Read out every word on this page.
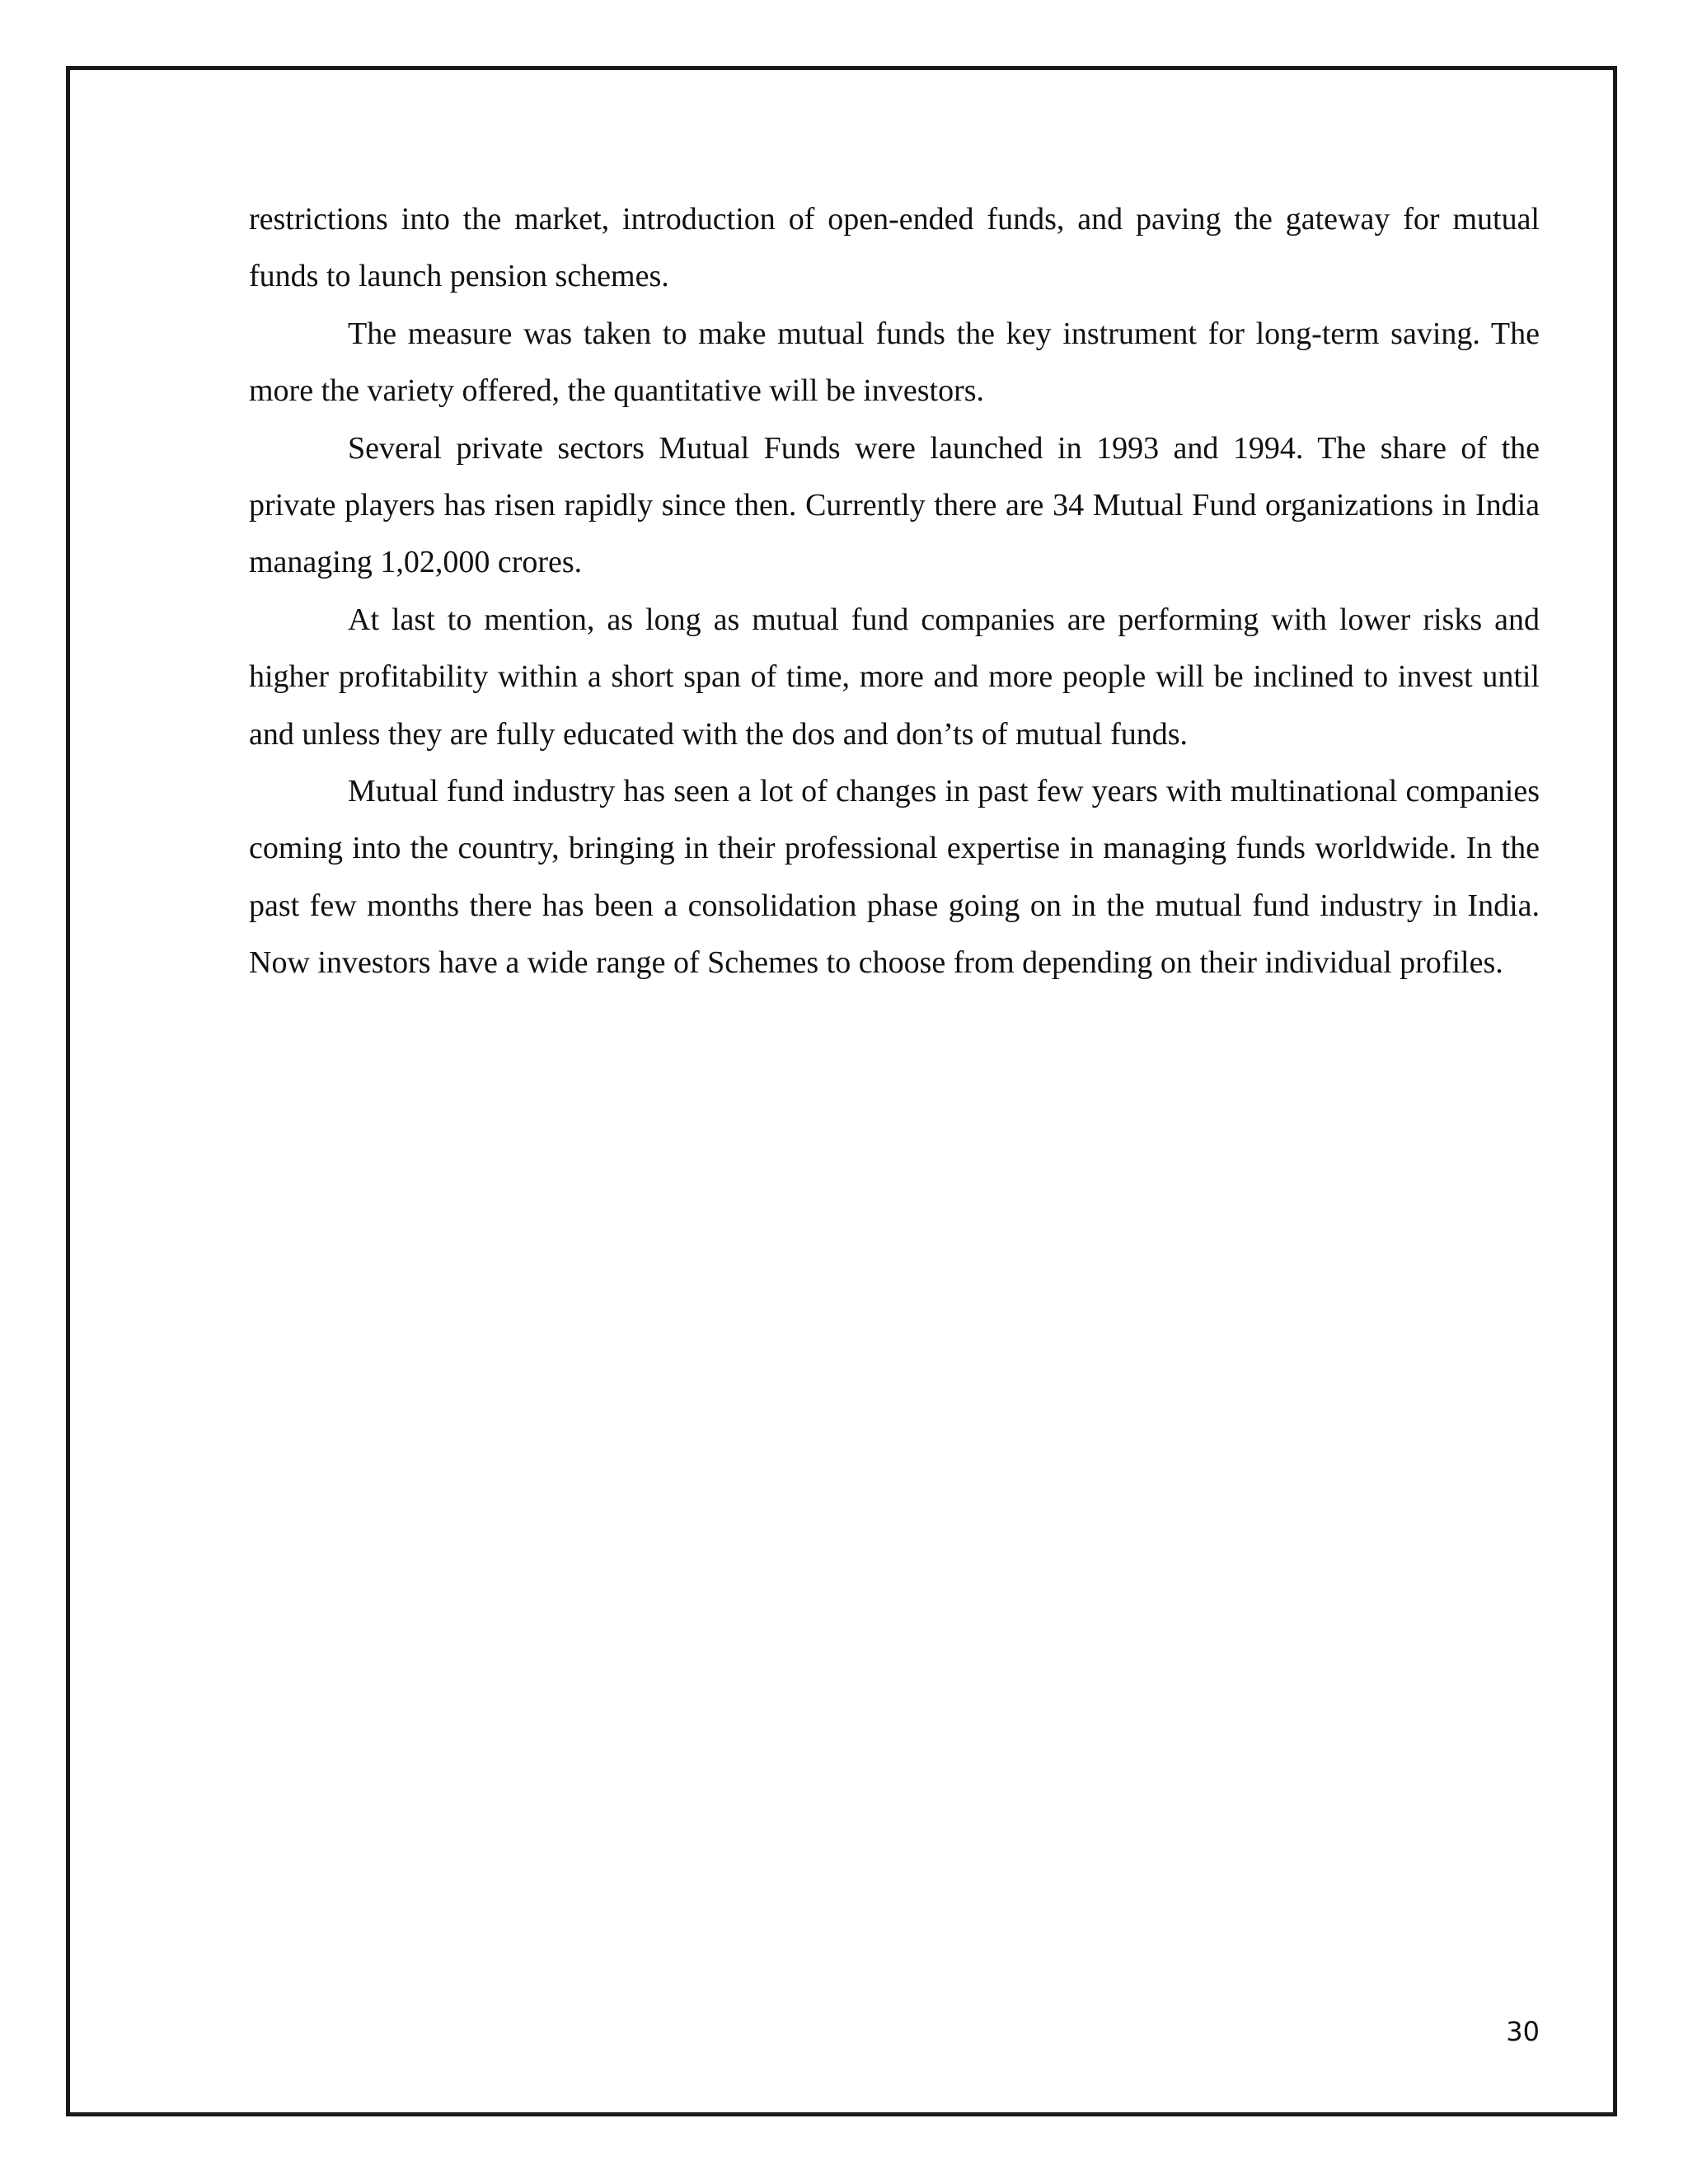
restrictions into the market, introduction of open-ended funds, and paving the gateway for mutual funds to launch pension schemes.

The measure was taken to make mutual funds the key instrument for long-term saving. The more the variety offered, the quantitative will be investors.

Several private sectors Mutual Funds were launched in 1993 and 1994. The share of the private players has risen rapidly since then. Currently there are 34 Mutual Fund organizations in India managing 1,02,000 crores.

At last to mention, as long as mutual fund companies are performing with lower risks and higher profitability within a short span of time, more and more people will be inclined to invest until and unless they are fully educated with the dos and don’ts of mutual funds.

Mutual fund industry has seen a lot of changes in past few years with multinational companies coming into the country, bringing in their professional expertise in managing funds worldwide. In the past few months there has been a consolidation phase going on in the mutual fund industry in India. Now investors have a wide range of Schemes to choose from depending on their individual profiles.

30
